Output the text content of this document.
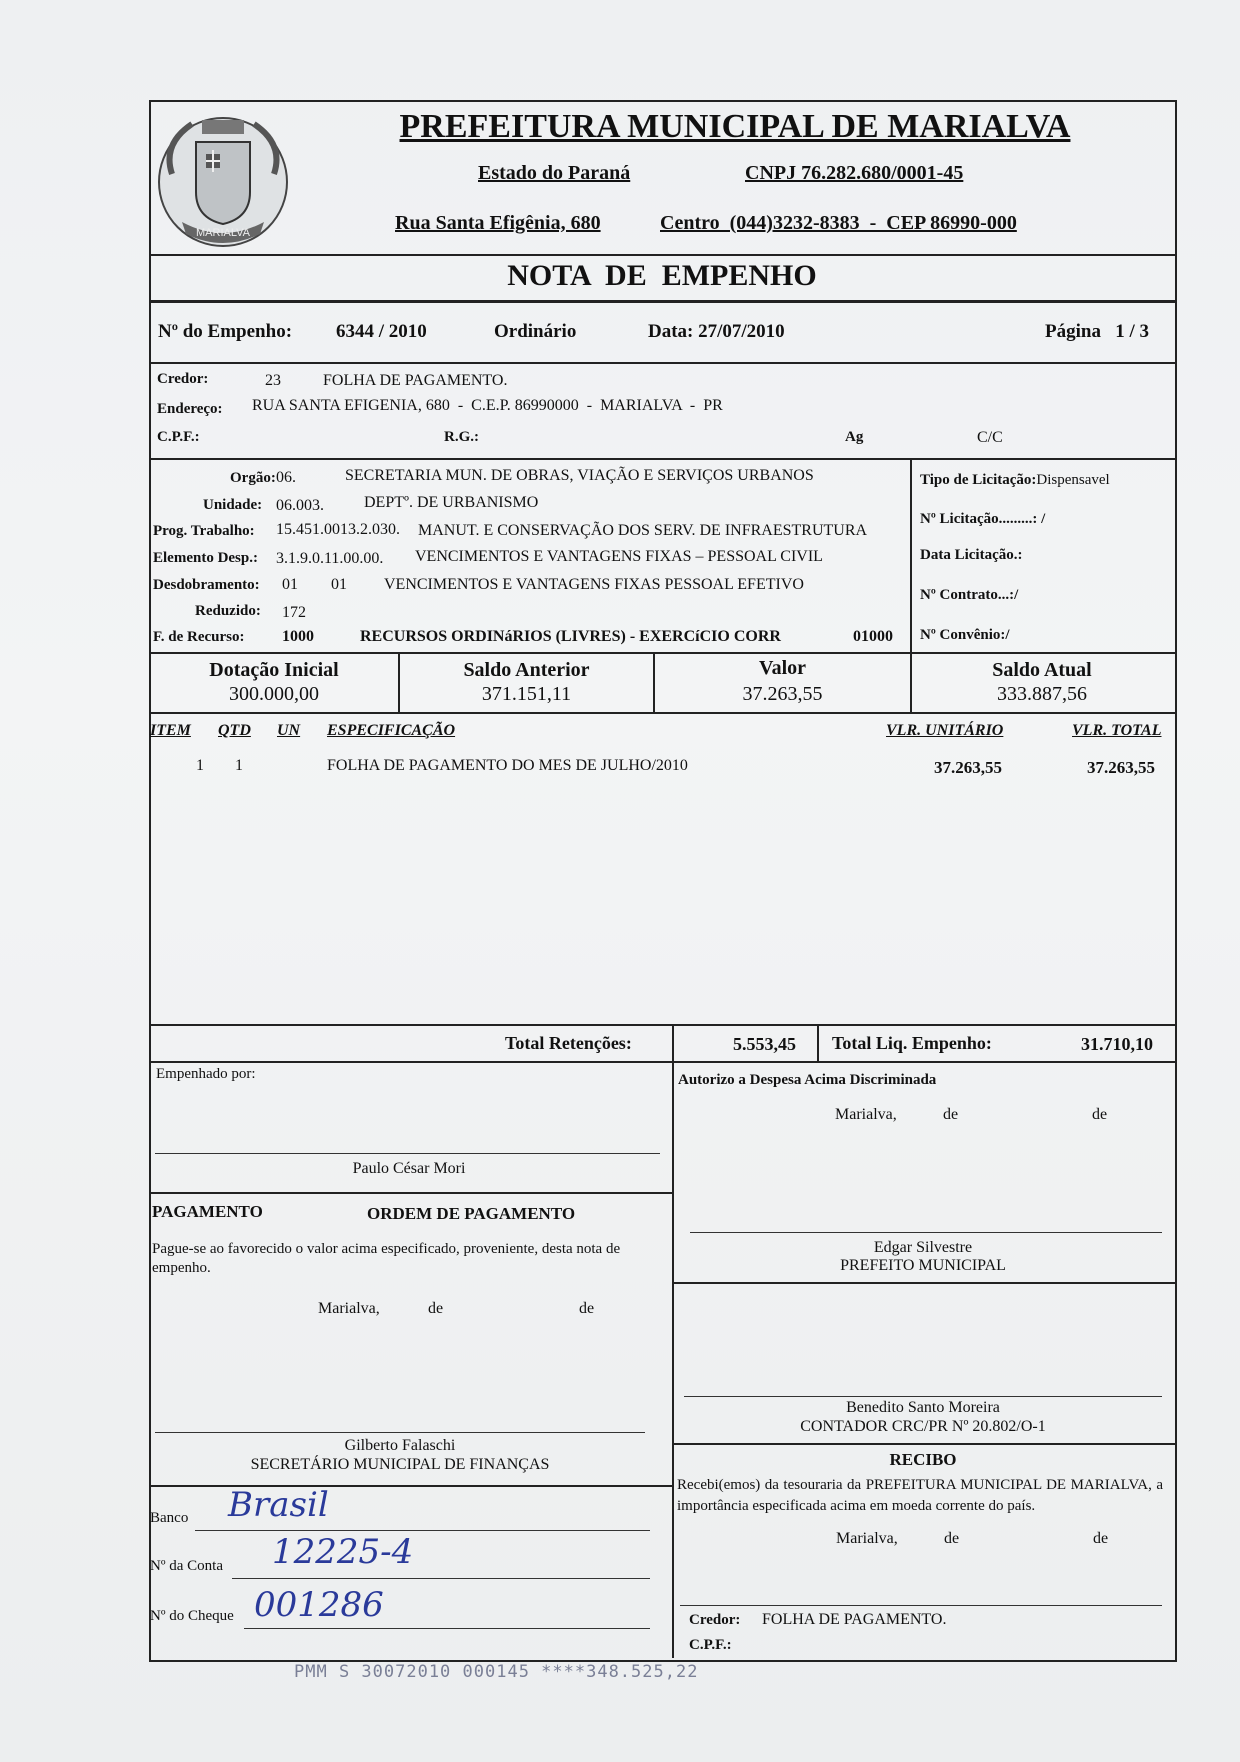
MARIALVA
PREFEITURA MUNICIPAL DE MARIALVA
Estado do Paraná	CNPJ 76.282.680/0001-45
Rua Santa Efigênia, 680	Centro  (044)3232-8383  -  CEP 86990-000
NOTA  DE  EMPENHO
Nº do Empenho: 6344 / 2010	Ordinário	Data: 27/07/2010	Página   1 / 3
Credor:	23	FOLHA DE PAGAMENTO.
Endereço: RUA SANTA EFIGENIA, 680  -  C.E.P. 86990000  -  MARIALVA  -  PR
C.P.F.:	R.G.:	Ag	C/C
Orgão: 06.	SECRETARIA MUN. DE OBRAS, VIAÇÃO E SERVIÇOS URBANOS
Unidade: 06.003.	DEPTº. DE URBANISMO
Prog. Trabalho: 15.451.0013.2.030. MANUT. E CONSERVAÇÃO DOS SERV. DE INFRAESTRUTURA
Elemento Desp.: 3.1.9.0.11.00.00. VENCIMENTOS E VANTAGENS FIXAS – PESSOAL CIVIL
Desdobramento: 01 01 VENCIMENTOS E VANTAGENS FIXAS PESSOAL EFETIVO
Reduzido: 172
F. de Recurso: 1000	RECURSOS ORDINáRIOS (LIVRES) - EXERCíCIO CORR	01000
Tipo de Licitação:Dispensavel
Nº Licitação.........: /
Data Licitação.:
Nº Contrato...:/
Nº Convênio:/
Dotação Inicial
300.000,00
Saldo Anterior
371.151,11
Valor
37.263,55
Saldo Atual
333.887,56
ITEM QTD UN ESPECIFICAÇÃO	VLR. UNITÁRIO	VLR. TOTAL
1 1	FOLHA DE PAGAMENTO DO MES DE JULHO/2010	37.263,55	37.263,55
Total Retenções:	5.553,45 Total Liq. Empenho:	31.710,10
Empenhado por:
Paulo César Mori
PAGAMENTO	ORDEM DE PAGAMENTO
Pague-se ao favorecido o valor acima especificado, proveniente, desta nota de empenho.
Marialva,	de	de
Gilberto Falaschi
SECRETÁRIO MUNICIPAL DE FINANÇAS
Banco Brasil
Nº da Conta 12225-4
Nº do Cheque 001286
Autorizo a Despesa Acima Discriminada
Marialva,	de	de
Edgar Silvestre
PREFEITO MUNICIPAL
Benedito Santo Moreira
CONTADOR CRC/PR Nº 20.802/O-1
RECIBO
Recebi(emos) da tesouraria da PREFEITURA MUNICIPAL DE MARIALVA, a importância especificada acima em moeda corrente do país.
Marialva,	de	de
Credor: FOLHA DE PAGAMENTO.
C.P.F.:
PMM S 30072010 000145 ****348.525,22
